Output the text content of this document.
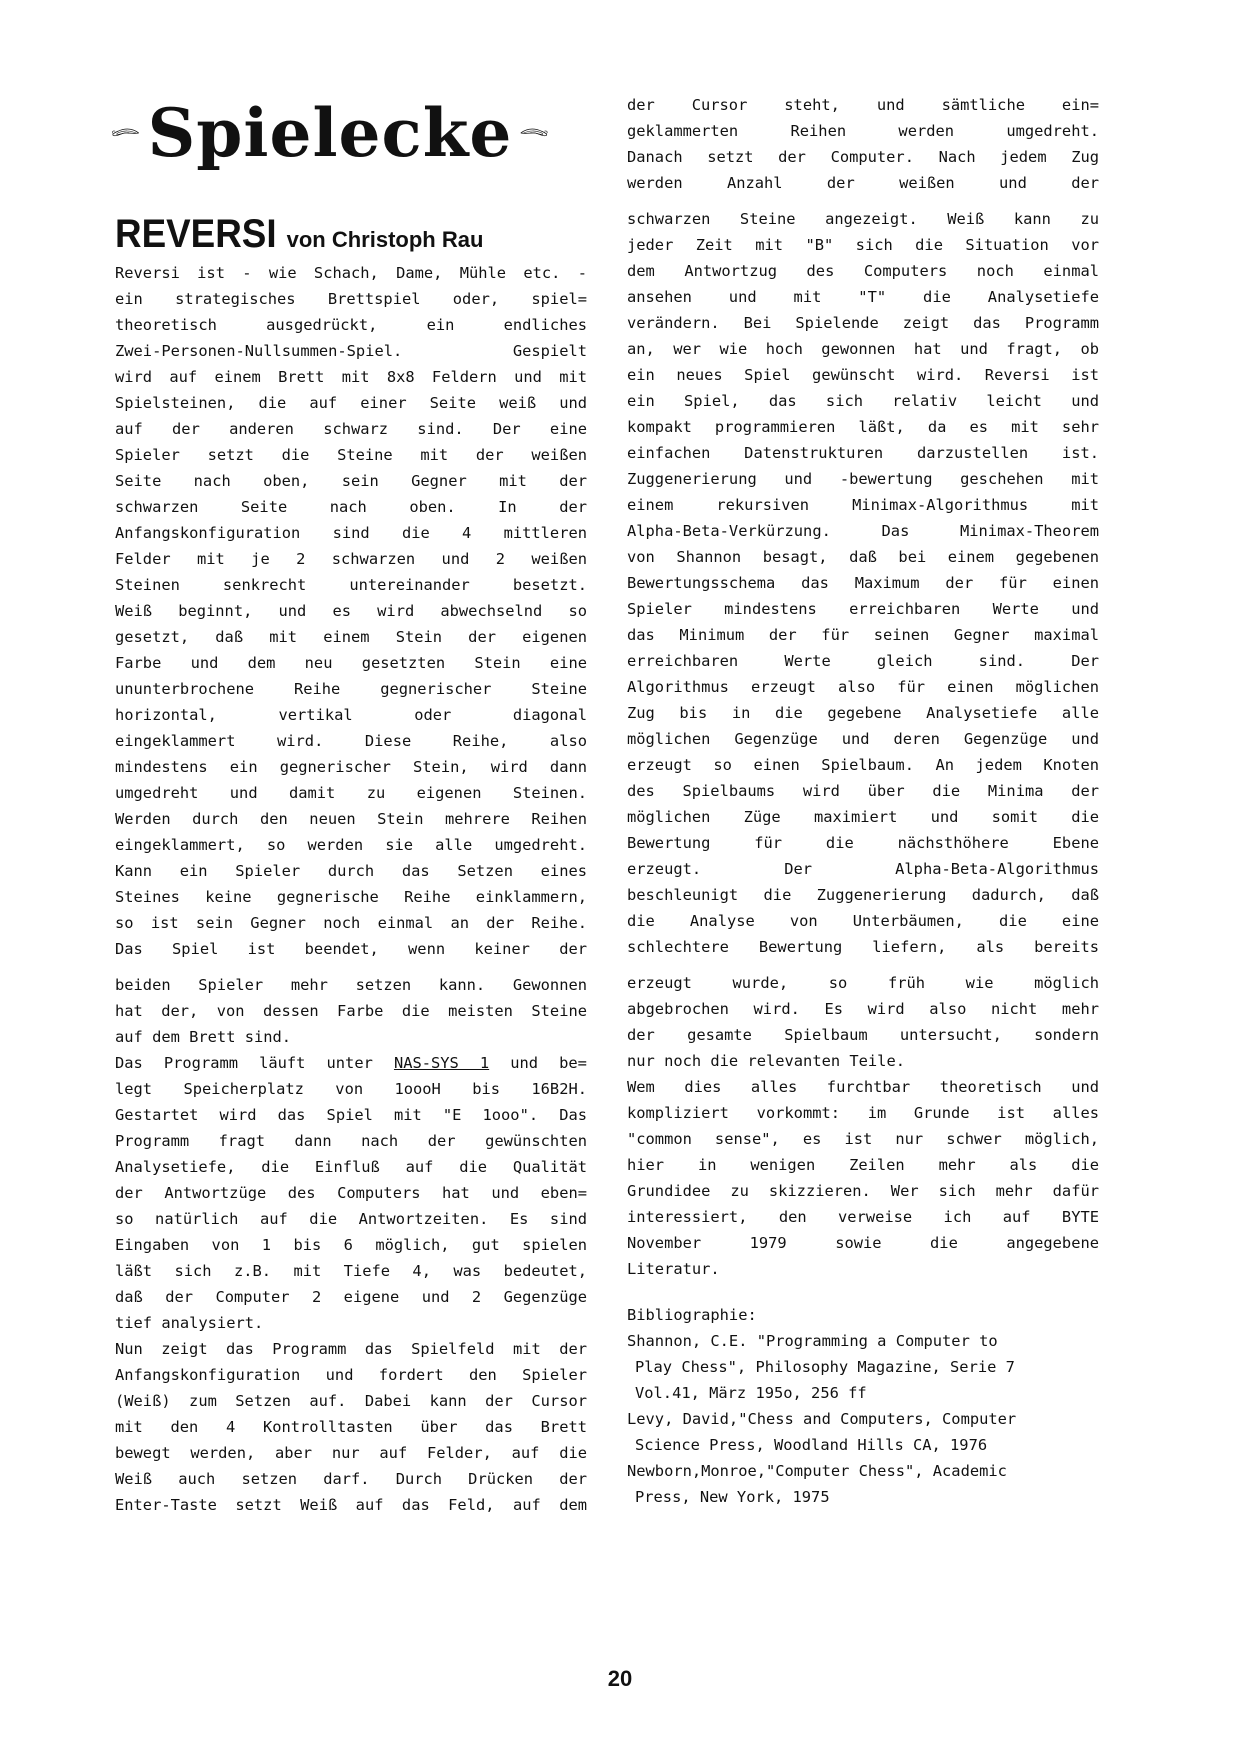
Spielecke
REVERSI von Christoph Rau
Reversi ist - wie Schach, Dame, Mühle etc. -
ein strategisches Brettspiel oder, spiel=
theoretisch ausgedrückt, ein endliches
Zwei-Personen-Nullsummen-Spiel. Gespielt
wird auf einem Brett mit 8x8 Feldern und mit
Spielsteinen, die auf einer Seite weiß und
auf der anderen schwarz sind. Der eine
Spieler setzt die Steine mit der weißen
Seite nach oben, sein Gegner mit der
schwarzen Seite nach oben. In der
Anfangskonfiguration sind die 4 mittleren
Felder mit je 2 schwarzen und 2 weißen
Steinen senkrecht untereinander besetzt.
Weiß beginnt, und es wird abwechselnd so
gesetzt, daß mit einem Stein der eigenen
Farbe und dem neu gesetzten Stein eine
ununterbrochene Reihe gegnerischer Steine
horizontal, vertikal oder diagonal
eingeklammert wird. Diese Reihe, also
mindestens ein gegnerischer Stein, wird dann
umgedreht und damit zu eigenen Steinen.
Werden durch den neuen Stein mehrere Reihen
eingeklammert, so werden sie alle umgedreht.
Kann ein Spieler durch das Setzen eines
Steines keine gegnerische Reihe einklammern,
so ist sein Gegner noch einmal an der Reihe.
Das Spiel ist beendet, wenn keiner der
beiden Spieler mehr setzen kann. Gewonnen
hat der, von dessen Farbe die meisten Steine
auf dem Brett sind.
Das Programm läuft unter NAS-SYS 1 und be=
legt Speicherplatz von 1oooH bis 16B2H.
Gestartet wird das Spiel mit "E 1ooo". Das
Programm fragt dann nach der gewünschten
Analysetiefe, die Einfluß auf die Qualität
der Antwortzüge des Computers hat und eben=
so natürlich auf die Antwortzeiten. Es sind
Eingaben von 1 bis 6 möglich, gut spielen
läßt sich z.B. mit Tiefe 4, was bedeutet,
daß der Computer 2 eigene und 2 Gegenzüge
tief analysiert.
Nun zeigt das Programm das Spielfeld mit der
Anfangskonfiguration und fordert den Spieler
(Weiß) zum Setzen auf. Dabei kann der Cursor
mit den 4 Kontrolltasten über das Brett
bewegt werden, aber nur auf Felder, auf die
Weiß auch setzen darf. Durch Drücken der
Enter-Taste setzt Weiß auf das Feld, auf dem
der Cursor steht, und sämtliche ein=
geklammerten Reihen werden umgedreht.
Danach setzt der Computer. Nach jedem Zug
werden Anzahl der weißen und der
schwarzen Steine angezeigt. Weiß kann zu
jeder Zeit mit "B" sich die Situation vor
dem Antwortzug des Computers noch einmal
ansehen und mit "T" die Analysetiefe
verändern. Bei Spielende zeigt das Programm
an, wer wie hoch gewonnen hat und fragt, ob
ein neues Spiel gewünscht wird. Reversi ist
ein Spiel, das sich relativ leicht und
kompakt programmieren läßt, da es mit sehr
einfachen Datenstrukturen darzustellen ist.
Zuggenerierung und -bewertung geschehen mit
einem rekursiven Minimax-Algorithmus mit
Alpha-Beta-Verkürzung. Das Minimax-Theorem
von Shannon besagt, daß bei einem gegebenen
Bewertungsschema das Maximum der für einen
Spieler mindestens erreichbaren Werte und
das Minimum der für seinen Gegner maximal
erreichbaren Werte gleich sind. Der
Algorithmus erzeugt also für einen möglichen
Zug bis in die gegebene Analysetiefe alle
möglichen Gegenzüge und deren Gegenzüge und
erzeugt so einen Spielbaum. An jedem Knoten
des Spielbaums wird über die Minima der
möglichen Züge maximiert und somit die
Bewertung für die nächsthöhere Ebene
erzeugt. Der Alpha-Beta-Algorithmus
beschleunigt die Zuggenerierung dadurch, daß
die Analyse von Unterbäumen, die eine
schlechtere Bewertung liefern, als bereits
erzeugt wurde, so früh wie möglich
abgebrochen wird. Es wird also nicht mehr
der gesamte Spielbaum untersucht, sondern
nur noch die relevanten Teile.
Wem dies alles furchtbar theoretisch und
kompliziert vorkommt: im Grunde ist alles
"common sense", es ist nur schwer möglich,
hier in wenigen Zeilen mehr als die
Grundidee zu skizzieren. Wer sich mehr dafür
interessiert, den verweise ich auf BYTE
November 1979 sowie die angegebene
Literatur.
Bibliographie:
Shannon, C.E. "Programming a Computer to
Play Chess", Philosophy Magazine, Serie 7
Vol.41, März 195o, 256 ff
Levy, David,"Chess and Computers, Computer
Science Press, Woodland Hills CA, 1976
Newborn,Monroe,"Computer Chess", Academic
Press, New York, 1975
20
